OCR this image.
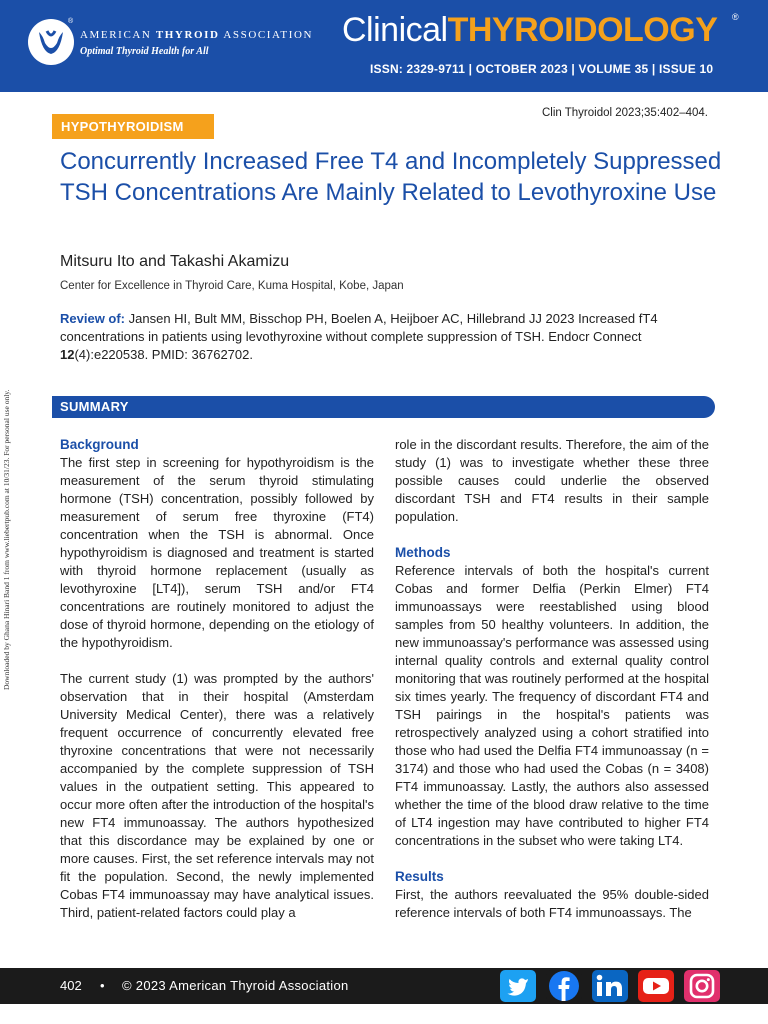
®
AMERICAN THYROID ASSOCIATION
Optimal Thyroid Health for All
ClinicalTHYROIDOLOGY ®
ISSN: 2329-9711 | OCTOBER 2023 | VOLUME 35 | ISSUE 10
Downloaded by Ghana Hinari Band 1 from www.liebertpub.com at 10/31/23. For personal use only.
HYPOTHYROIDISM
Clin Thyroidol 2023;35:402–404.
Concurrently Increased Free T4 and Incompletely Suppressed TSH Concentrations Are Mainly Related to Levothyroxine Use
Mitsuru Ito and Takashi Akamizu
Center for Excellence in Thyroid Care, Kuma Hospital, Kobe, Japan
Review of: Jansen HI, Bult MM, Bisschop PH, Boelen A, Heijboer AC, Hillebrand JJ 2023 Increased fT4 concentrations in patients using levothyroxine without complete suppression of TSH. Endocr Connect 12(4):e220538. PMID: 36762702.
SUMMARY
Background

The first step in screening for hypothyroidism is the measurement of the serum thyroid stimulating hormone (TSH) concentration, possibly followed by measurement of serum free thyroxine (FT4) concentration when the TSH is abnormal. Once hypothyroidism is diagnosed and treatment is started with thyroid hormone replacement (usually as levothyroxine [LT4]), serum TSH and/or FT4 concentrations are routinely monitored to adjust the dose of thyroid hormone, depending on the etiology of the hypothyroidism.

The current study (1) was prompted by the authors' observation that in their hospital (Amsterdam University Medical Center), there was a relatively frequent occurrence of concurrently elevated free thyroxine concentrations that were not necessarily accompanied by the complete suppression of TSH values in the outpatient setting. This appeared to occur more often after the introduction of the hospital's new FT4 immunoassay. The authors hypothesized that this discordance may be explained by one or more causes. First, the set reference intervals may not fit the population. Second, the newly implemented Cobas FT4 immunoassay may have analytical issues. Third, patient-related factors could play a

role in the discordant results. Therefore, the aim of the study (1) was to investigate whether these three possible causes could underlie the observed discordant TSH and FT4 results in their sample population.

Methods

Reference intervals of both the hospital's current Cobas and former Delfia (Perkin Elmer) FT4 immunoassays were reestablished using blood samples from 50 healthy volunteers. In addition, the new immunoassay's performance was assessed using internal quality controls and external quality control monitoring that was routinely performed at the hospital six times yearly. The frequency of discordant FT4 and TSH pairings in the hospital's patients was retrospectively analyzed using a cohort stratified into those who had used the Delfia FT4 immunoassay (n = 3174) and those who had used the Cobas (n = 3408) FT4 immunoassay. Lastly, the authors also assessed whether the time of the blood draw relative to the time of LT4 ingestion may have contributed to higher FT4 concentrations in the subset who were taking LT4.

Results

First, the authors reevaluated the 95% double-sided reference intervals of both FT4 immunoassays. The

402 • © 2023 American Thyroid Association
